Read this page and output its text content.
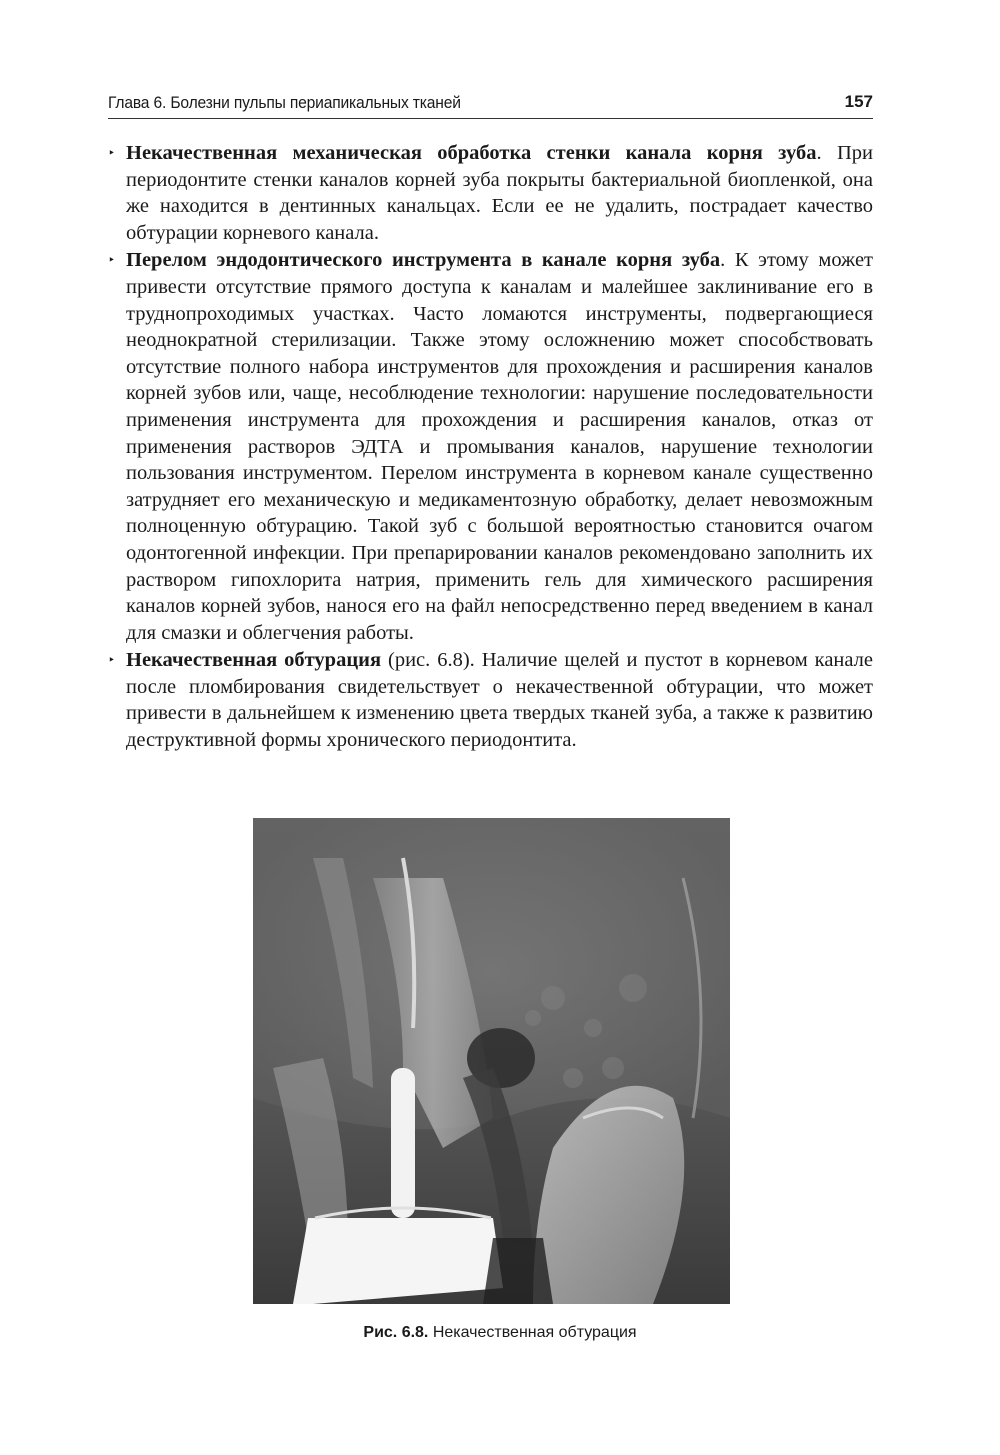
Глава 6. Болезни пульпы периапикальных тканей	157

‣ Некачественная механическая обработка стенки канала корня зуба. При периодонтите стенки каналов корней зуба покрыты бактериальной биопленкой, она же находится в дентинных канальцах. Если ее не удалить, пострадает качество обтурации корневого канала.

‣ Перелом эндодонтического инструмента в канале корня зуба. К этому может привести отсутствие прямого доступа к каналам и малейшее заклинивание его в труднопроходимых участках. Часто ломаются инструменты, подвергающиеся неоднократной стерилизации. Также этому осложнению может способствовать отсутствие полного набора инструментов для прохождения и расширения каналов корней зубов или, чаще, несоблюдение технологии: нарушение последовательности применения инструмента для прохождения и расширения каналов, отказ от применения растворов ЭДТА и промывания каналов, нарушение технологии пользования инструментом. Перелом инструмента в корневом канале существенно затрудняет его механическую и медикаментозную обработку, делает невозможным полноценную обтурацию. Такой зуб с большой вероятностью становится очагом одонтогенной инфекции. При препарировании каналов рекомендовано заполнить их раствором гипохлорита натрия, применить гель для химического расширения каналов корней зубов, нанося его на файл непосредственно перед введением в канал для смазки и облегчения работы.

‣ Некачественная обтурация (рис. 6.8). Наличие щелей и пустот в корневом канале после пломбирования свидетельствует о некачественной обтурации, что может привести в дальнейшем к изменению цвета твердых тканей зуба, а также к развитию деструктивной формы хронического периодонтита.

Рис. 6.8. Некачественная обтурация
